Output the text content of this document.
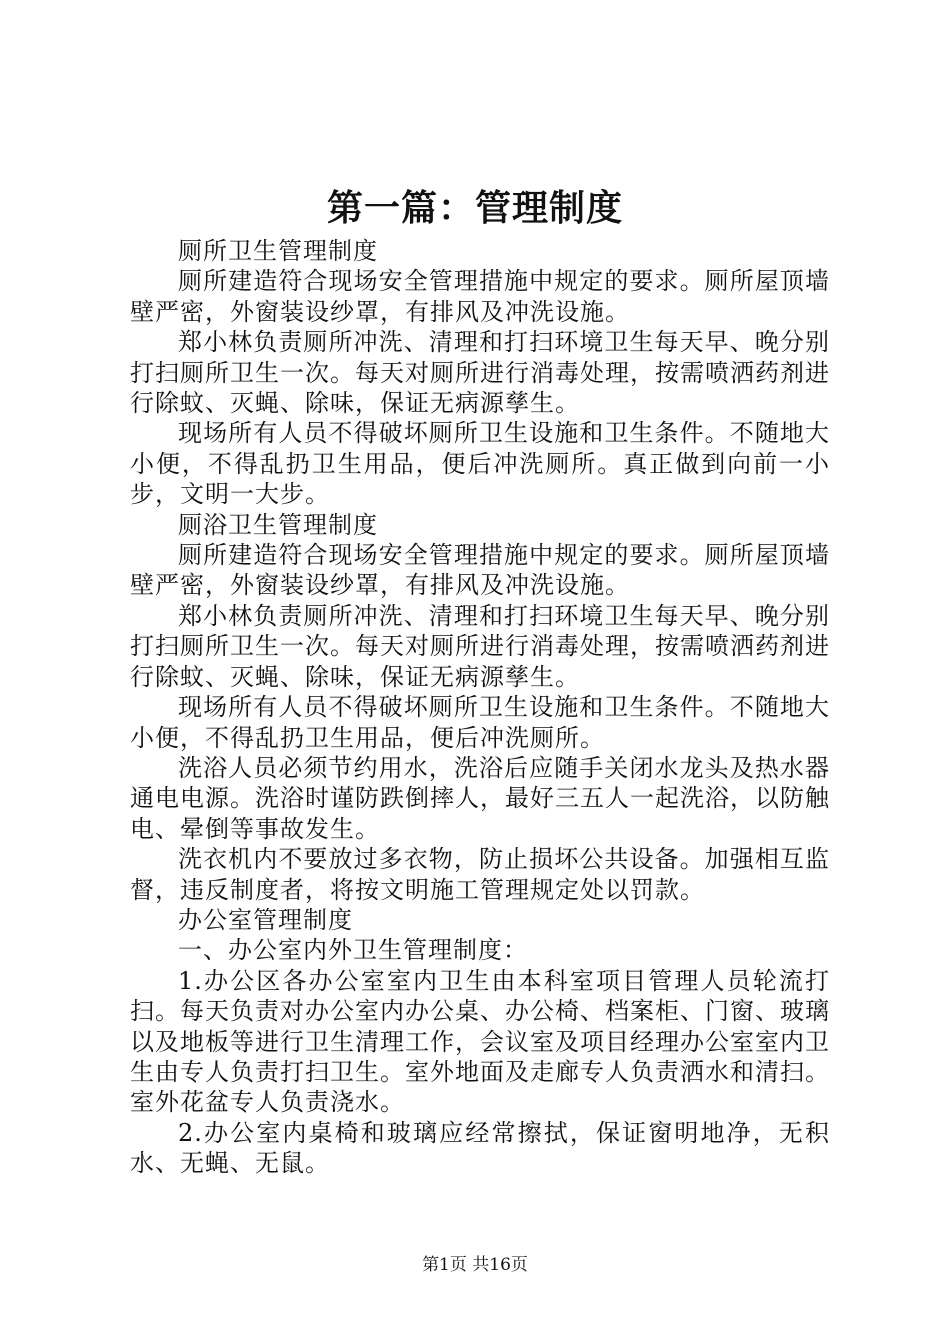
第一篇：管理制度

厕所卫生管理制度

厕所建造符合现场安全管理措施中规定的要求。厕所屋顶墙壁严密，外窗装设纱罩，有排风及冲洗设施。

郑小林负责厕所冲洗、清理和打扫环境卫生每天早、晚分别打扫厕所卫生一次。每天对厕所进行消毒处理，按需喷洒药剂进行除蚊、灭蝇、除味，保证无病源孳生。

现场所有人员不得破坏厕所卫生设施和卫生条件。不随地大小便，不得乱扔卫生用品，便后冲洗厕所。真正做到向前一小步，文明一大步。

厕浴卫生管理制度

厕所建造符合现场安全管理措施中规定的要求。厕所屋顶墙壁严密，外窗装设纱罩，有排风及冲洗设施。

郑小林负责厕所冲洗、清理和打扫环境卫生每天早、晚分别打扫厕所卫生一次。每天对厕所进行消毒处理，按需喷洒药剂进行除蚊、灭蝇、除味，保证无病源孳生。

现场所有人员不得破坏厕所卫生设施和卫生条件。不随地大小便，不得乱扔卫生用品，便后冲洗厕所。

洗浴人员必须节约用水，洗浴后应随手关闭水龙头及热水器通电电源。洗浴时谨防跌倒摔人，最好三五人一起洗浴，以防触电、晕倒等事故发生。

洗衣机内不要放过多衣物，防止损坏公共设备。加强相互监督，违反制度者，将按文明施工管理规定处以罚款。

办公室管理制度

一、办公室内外卫生管理制度：

1.办公区各办公室室内卫生由本科室项目管理人员轮流打扫。每天负责对办公室内办公桌、办公椅、档案柜、门窗、玻璃以及地板等进行卫生清理工作，会议室及项目经理办公室室内卫生由专人负责打扫卫生。室外地面及走廊专人负责洒水和清扫。室外花盆专人负责浇水。

2.办公室内桌椅和玻璃应经常擦拭，保证窗明地净，无积水、无蝇、无鼠。

第1页 共16页
